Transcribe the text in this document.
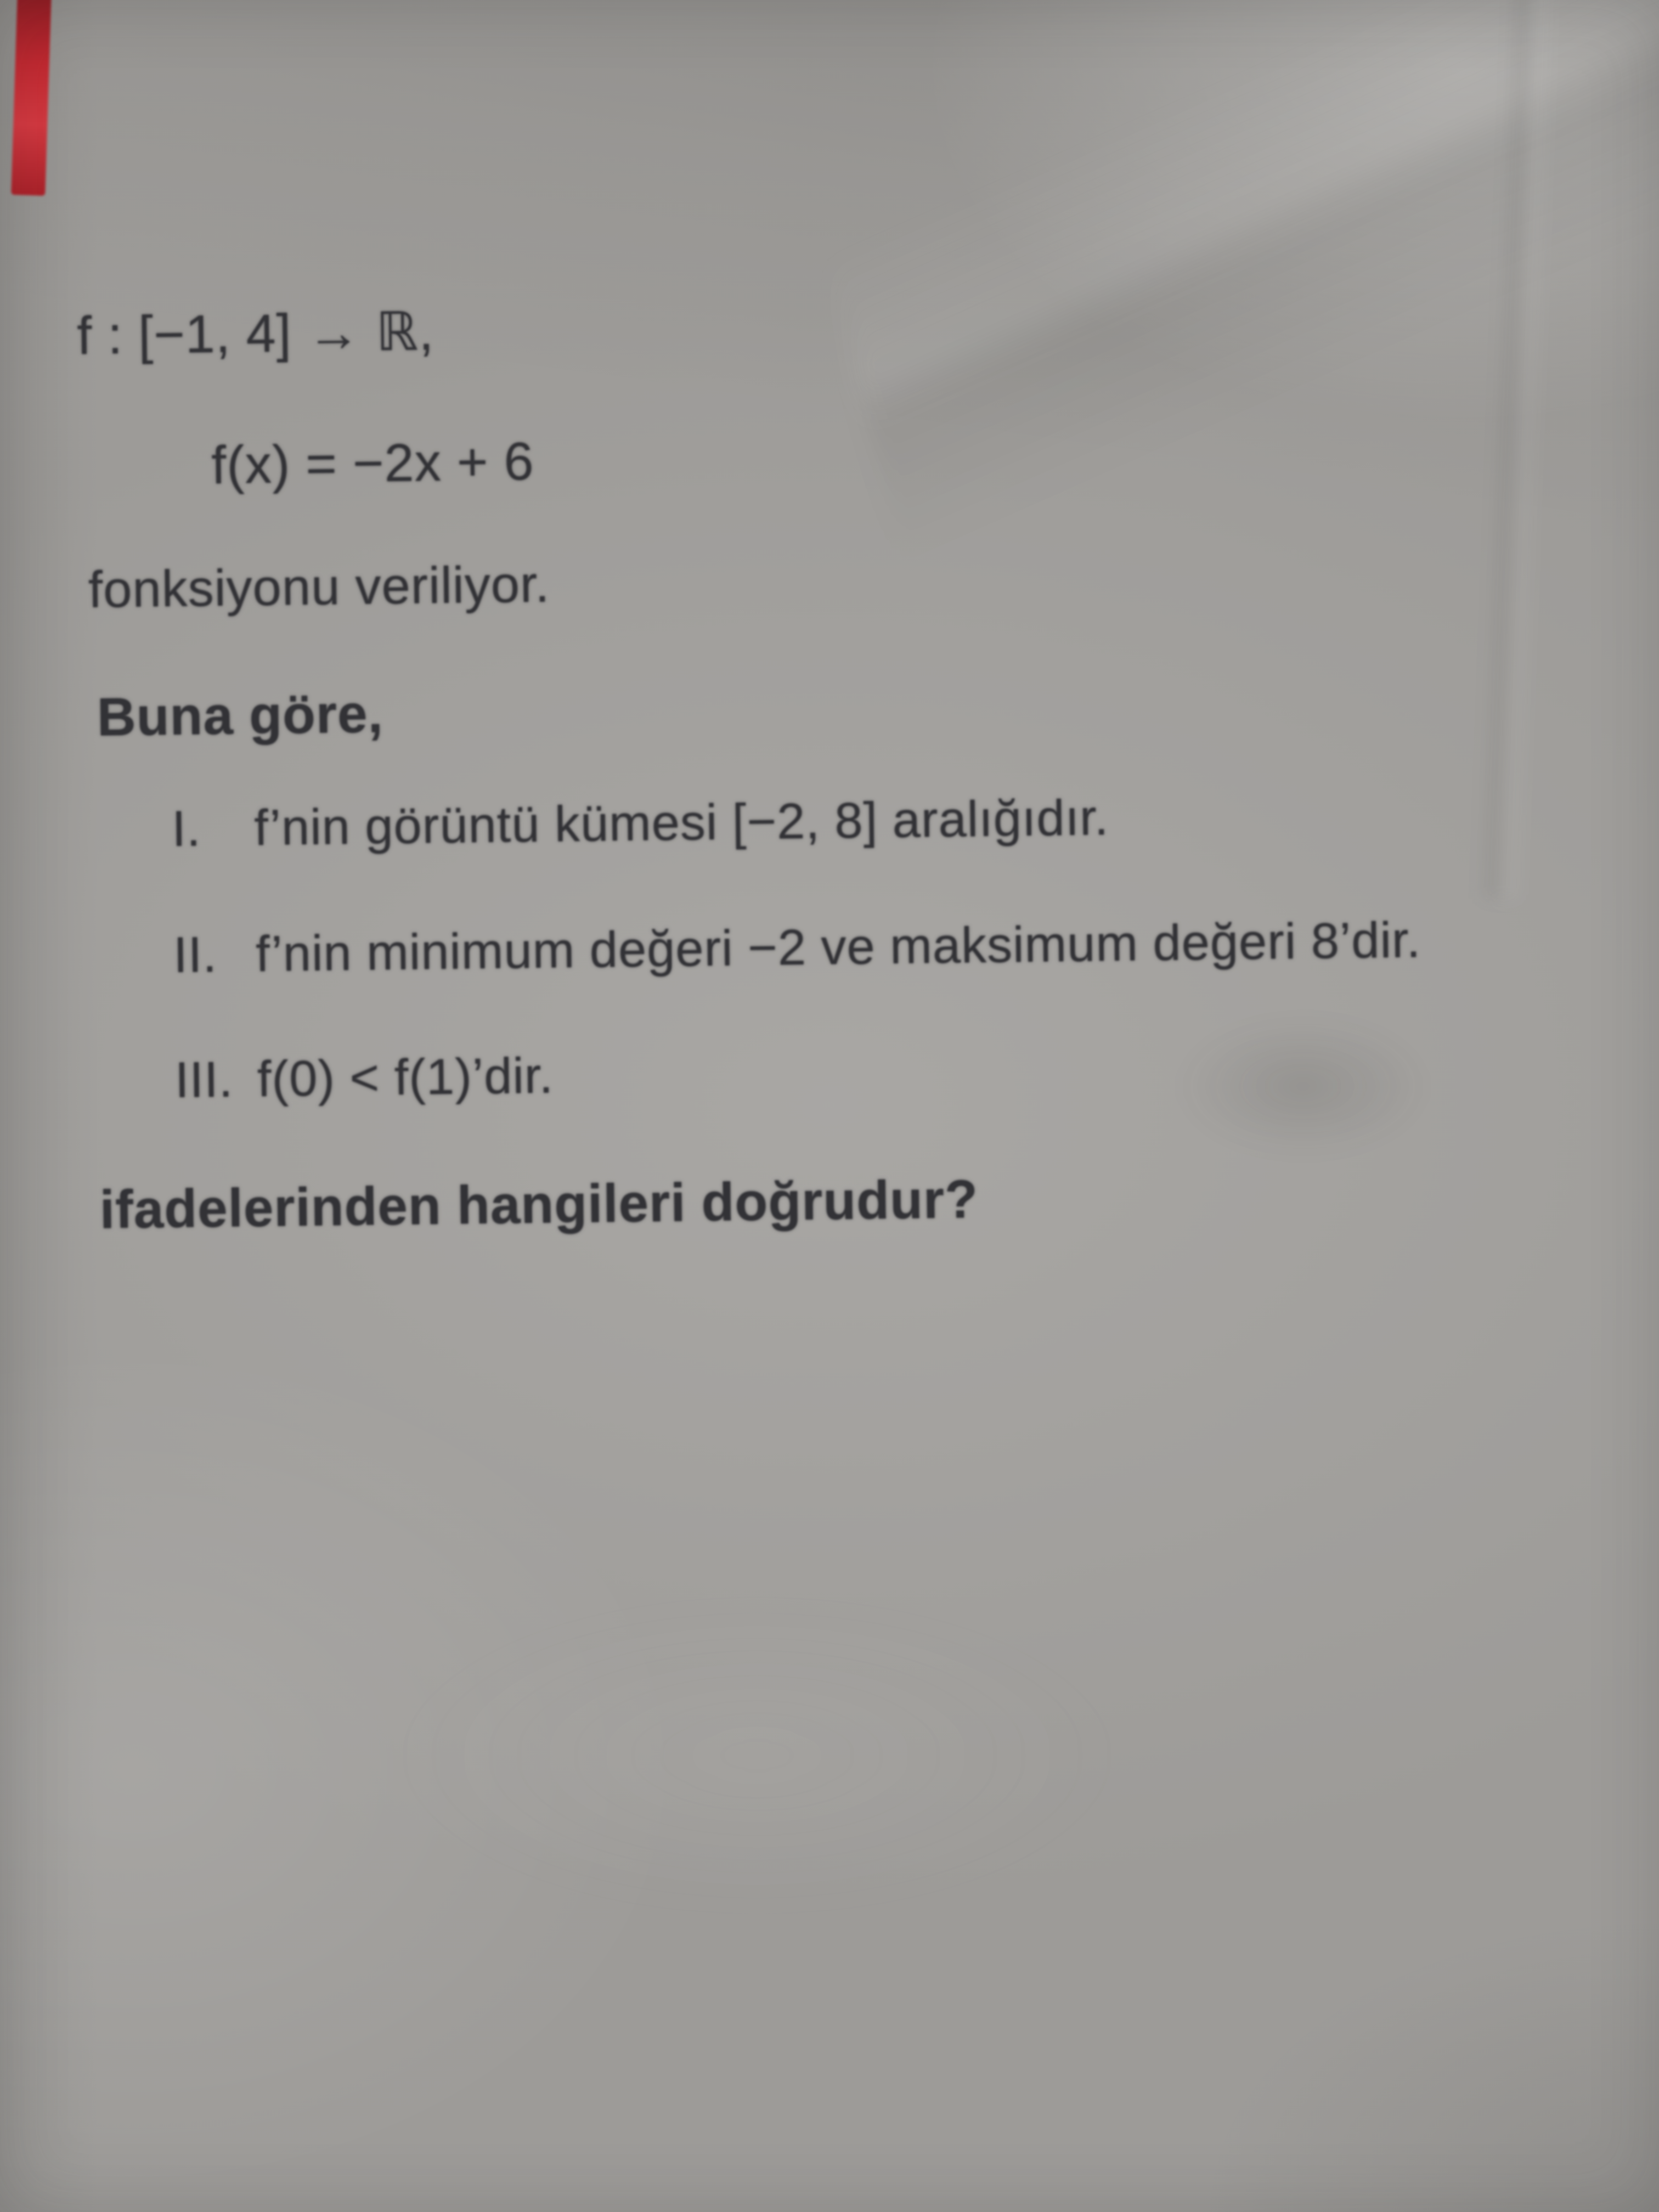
f : [−1, 4] → ℝ,
f(x) = −2x + 6
fonksiyonu veriliyor.
Buna göre,
I. f’nin görüntü kümesi [−2, 8] aralığıdır.
II. f’nin minimum değeri −2 ve maksimum değeri 8’dir.
III. f(0) < f(1)’dir.
ifadelerinden hangileri doğrudur?
